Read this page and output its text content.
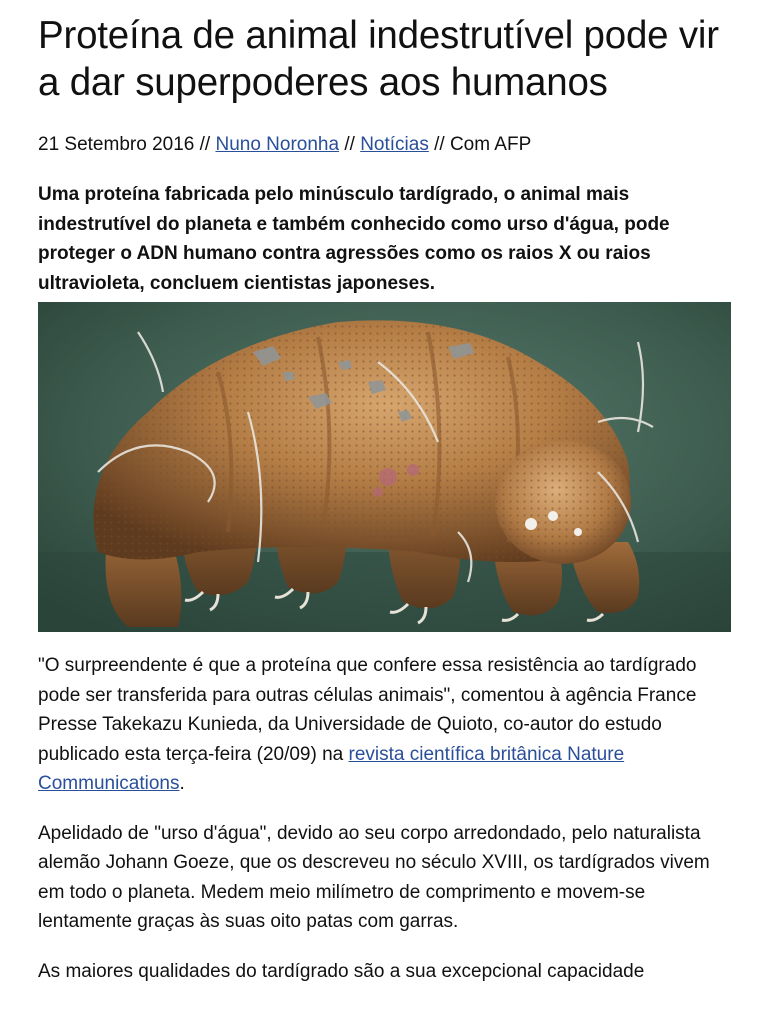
Proteína de animal indestrutível pode vir a dar superpoderes aos humanos

21 Setembro 2016 // Nuno Noronha // Notícias // Com AFP

Uma proteína fabricada pelo minúsculo tardígrado, o animal mais indestrutível do planeta e também conhecido como urso d'água, pode proteger o ADN humano contra agressões como os raios X ou raios ultravioleta, concluem cientistas japoneses.

"O surpreendente é que a proteína que confere essa resistência ao tardígrado pode ser transferida para outras células animais", comentou à agência France Presse Takekazu Kunieda, da Universidade de Quioto, co-autor do estudo publicado esta terça-feira (20/09) na revista científica britânica Nature Communications.

Apelidado de "urso d'água", devido ao seu corpo arredondado, pelo naturalista alemão Johann Goeze, que os descreveu no século XVIII, os tardígrados vivem em todo o planeta. Medem meio milímetro de comprimento e movem-se lentamente graças às suas oito patas com garras.

As maiores qualidades do tardígrado são a sua excepcional capacidade
